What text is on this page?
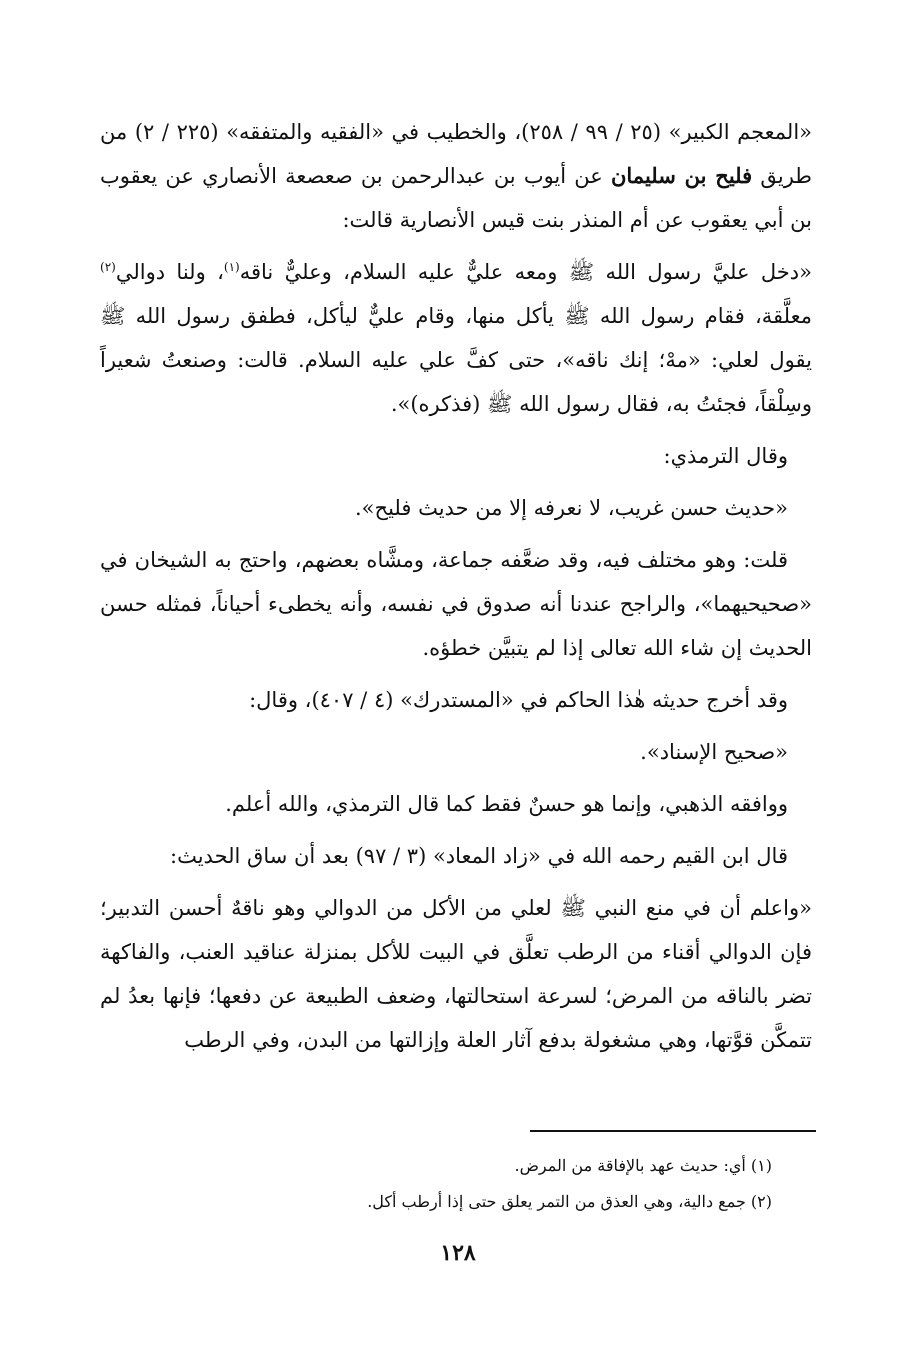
«المعجم الكبير» (٢٥ / ٩٩ / ٢٥٨)، والخطيب في «الفقيه والمتفقه» (٢٢٥ / ٢) من طريق فليح بن سليمان عن أيوب بن عبدالرحمن بن صعصعة الأنصاري عن يعقوب بن أبي يعقوب عن أم المنذر بنت قيس الأنصارية قالت:

«دخل عليَّ رسول الله ﷺ ومعه عليٌّ عليه السلام، وعليٌّ ناقه$^{(١)}$، ولنا دوالي$^{(٢)}$ معلَّقة، فقام رسول الله ﷺ يأكل منها، وقام عليٌّ ليأكل، فطفق رسول الله ﷺ يقول لعلي: «مهْ؛ إنك ناقه»، حتى كفَّ علي عليه السلام. قالت: وصنعتُ شعيراً وسِلْقاً، فجئتُ به، فقال رسول الله ﷺ (فذكره)».

وقال الترمذي:

«حديث حسن غريب، لا نعرفه إلا من حديث فليح».

قلت: وهو مختلف فيه، وقد ضعَّفه جماعة، ومشَّاه بعضهم، واحتج به الشيخان في «صحيحيهما»، والراجح عندنا أنه صدوق في نفسه، وأنه يخطىء أحياناً، فمثله حسن الحديث إن شاء الله تعالى إذا لم يتبيَّن خطؤه.

وقد أخرج حديثه هٰذا الحاكم في «المستدرك» (٤ / ٤٠٧)، وقال:

«صحيح الإسناد».

ووافقه الذهبي، وإنما هو حسنٌ فقط كما قال الترمذي، والله أعلم.

قال ابن القيم رحمه الله في «زاد المعاد» (٣ / ٩٧) بعد أن ساق الحديث:

«واعلم أن في منع النبي ﷺ لعلي من الأكل من الدوالي وهو ناقهٌ أحسن التدبير؛ فإن الدوالي أقناء من الرطب تعلَّق في البيت للأكل بمنزلة عناقيد العنب، والفاكهة تضر بالناقه من المرض؛ لسرعة استحالتها، وضعف الطبيعة عن دفعها؛ فإنها بعدُ لم تتمكَّن قوَّتها، وهي مشغولة بدفع آثار العلة وإزالتها من البدن، وفي الرطب

(١) أي: حديث عهد بالإفاقة من المرض.

(٢) جمع دالية، وهي العذق من التمر يعلق حتى إذا أرطب أكل.

١٢٨
